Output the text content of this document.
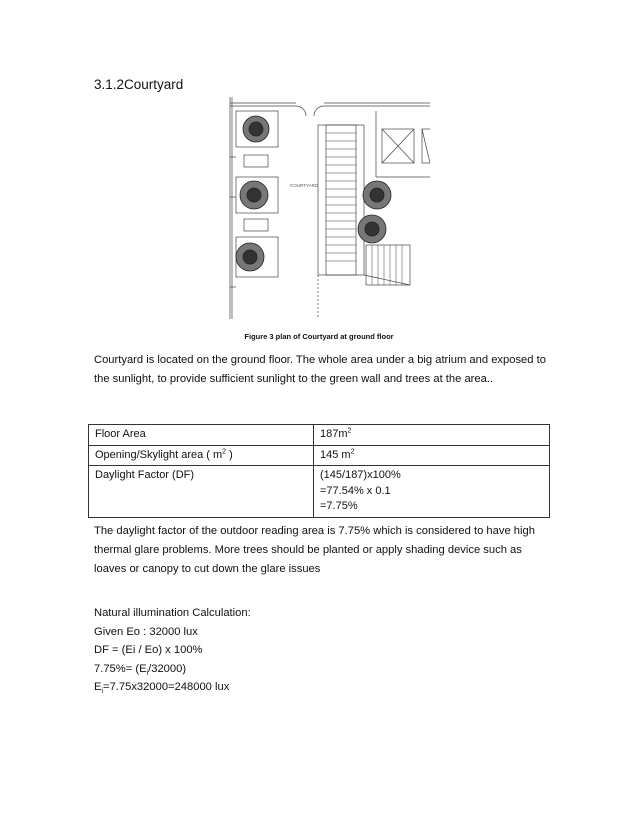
3.1.2Courtyard
COURTYARD
Figure 3 plan of Courtyard at ground floor
Courtyard is located on the ground floor. The whole area under a big atrium and exposed to the sunlight, to provide sufficient sunlight to the green wall and trees at the area..
Floor Area	$187m^2$
Opening/Skylight area ( $m^2$ )	145 $m^2$
Daylight Factor (DF)	(145/187)x100%
=77.54% x 0.1
=7.75%
The daylight factor of the outdoor reading area is 7.75% which is considered to have high thermal glare problems. More trees should be planted or apply shading device such as loaves or canopy to cut down the glare issues
Natural illumination Calculation:
Given Eo : 32000 lux
DF = (Ei / Eo) x 100%
$7.75\%= (E_i/32000)$
$E_i=7.75x32000=248000$ lux
